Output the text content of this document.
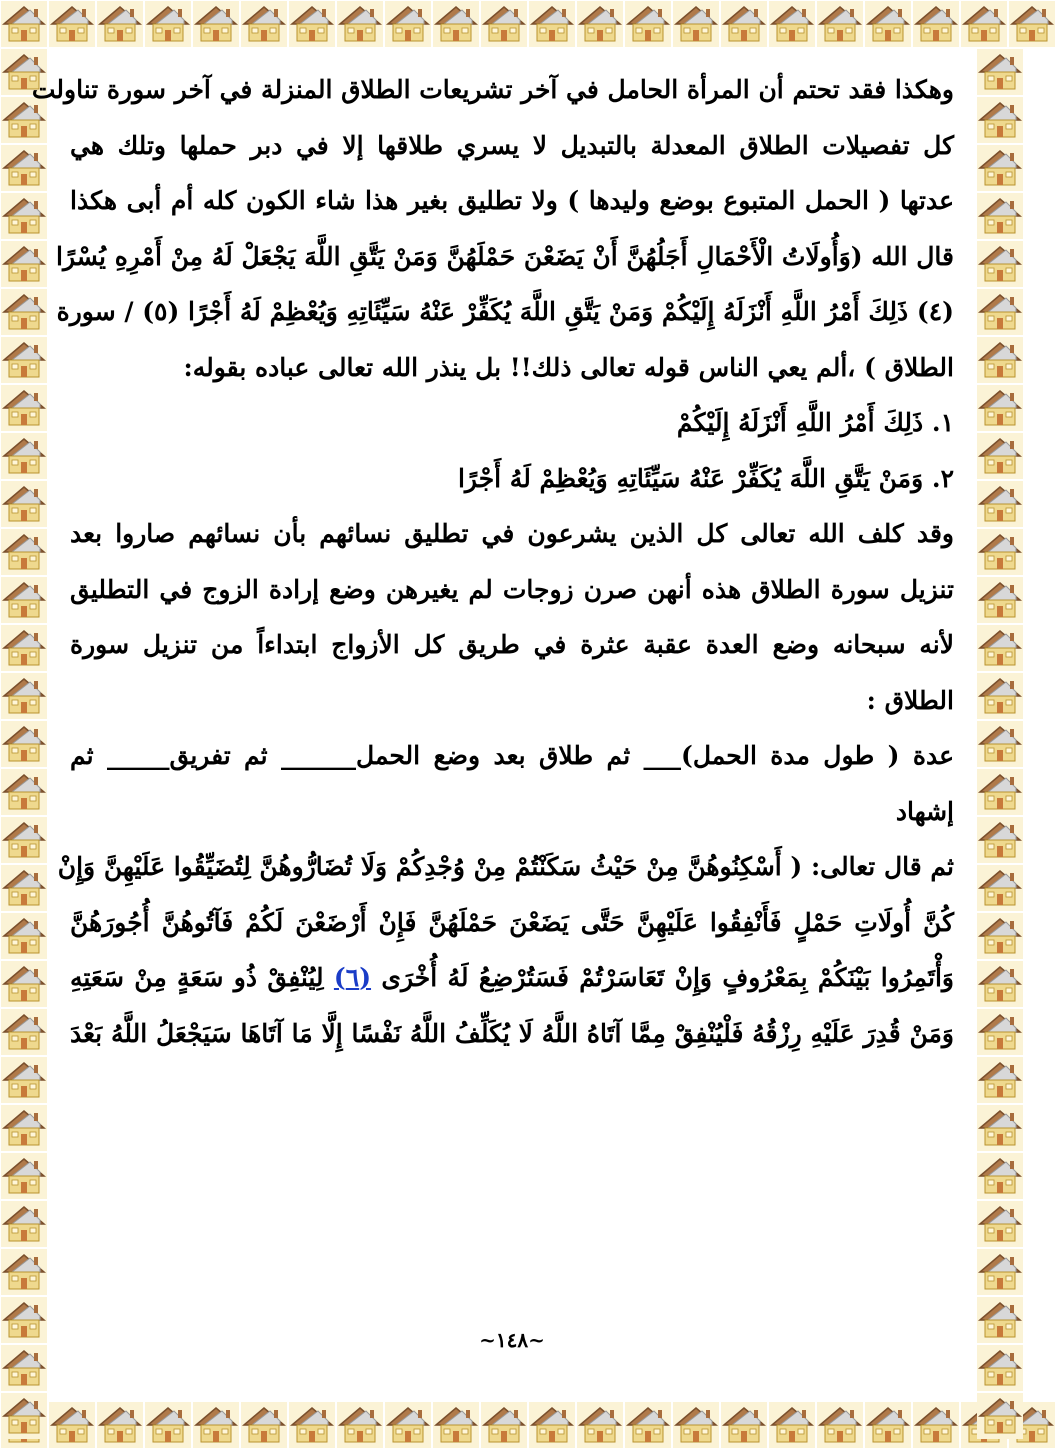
وهكذا فقد تحتم أن المرأة الحامل في آخر تشريعات الطلاق المنزلة في آخر سورة تناولت
كل تفصيلات الطلاق المعدلة بالتبديل لا يسري طلاقها إلا في دبر حملها وتلك هي
عدتها ( الحمل المتبوع بوضع وليدها ) ولا تطليق بغير هذا شاء الكون كله أم أبى هكذا
قال الله (وَأُولَاتُ الْأَحْمَالِ أَجَلُهُنَّ أَنْ يَضَعْنَ حَمْلَهُنَّ وَمَنْ يَتَّقِ اللَّهَ يَجْعَلْ لَهُ مِنْ أَمْرِهِ يُسْرًا
(٤) ذَلِكَ أَمْرُ اللَّهِ أَنْزَلَهُ إِلَيْكُمْ وَمَنْ يَتَّقِ اللَّهَ يُكَفِّرْ عَنْهُ سَيِّئَاتِهِ وَيُعْظِمْ لَهُ أَجْرًا (٥) / سورة
الطلاق ) ،ألم يعي الناس قوله تعالى ذلك!! بل ينذر الله تعالى عباده بقوله:
١. ذَلِكَ أَمْرُ اللَّهِ أَنْزَلَهُ إِلَيْكُمْ
٢. وَمَنْ يَتَّقِ اللَّهَ يُكَفِّرْ عَنْهُ سَيِّئَاتِهِ وَيُعْظِمْ لَهُ أَجْرًا
وقد كلف الله تعالى كل الذين يشرعون في تطليق نسائهم بأن نسائهم صاروا بعد
تنزيل سورة الطلاق هذه أنهن صرن زوجات لم يغيرهن وضع إرادة الزوج في التطليق
لأنه سبحانه وضع العدة عقبة عثرة في طريق كل الأزواج ابتداءاً من تنزيل سورة
الطلاق :
عدة ( طول مدة الحمل)___ ثم طلاق بعد وضع الحمل______ ثم تفريق_____ ثم
إشهاد
ثم قال تعالى: ( أَسْكِنُوهُنَّ مِنْ حَيْثُ سَكَنْتُمْ مِنْ وُجْدِكُمْ وَلَا تُضَارُّوهُنَّ لِتُضَيِّقُوا عَلَيْهِنَّ وَإِنْ
كُنَّ أُولَاتِ حَمْلٍ فَأَنْفِقُوا عَلَيْهِنَّ حَتَّى يَضَعْنَ حَمْلَهُنَّ فَإِنْ أَرْضَعْنَ لَكُمْ فَآتُوهُنَّ أُجُورَهُنَّ
وَأْتَمِرُوا بَيْنَكُمْ بِمَعْرُوفٍ وَإِنْ تَعَاسَرْتُمْ فَسَتُرْضِعُ لَهُ أُخْرَى (٦) لِيُنْفِقْ ذُو سَعَةٍ مِنْ سَعَتِهِ
وَمَنْ قُدِرَ عَلَيْهِ رِزْقُهُ فَلْيُنْفِقْ مِمَّا آتَاهُ اللَّهُ لَا يُكَلِّفُ اللَّهُ نَفْسًا إِلَّا مَا آتَاهَا سَيَجْعَلُ اللَّهُ بَعْدَ
~١٤٨~
